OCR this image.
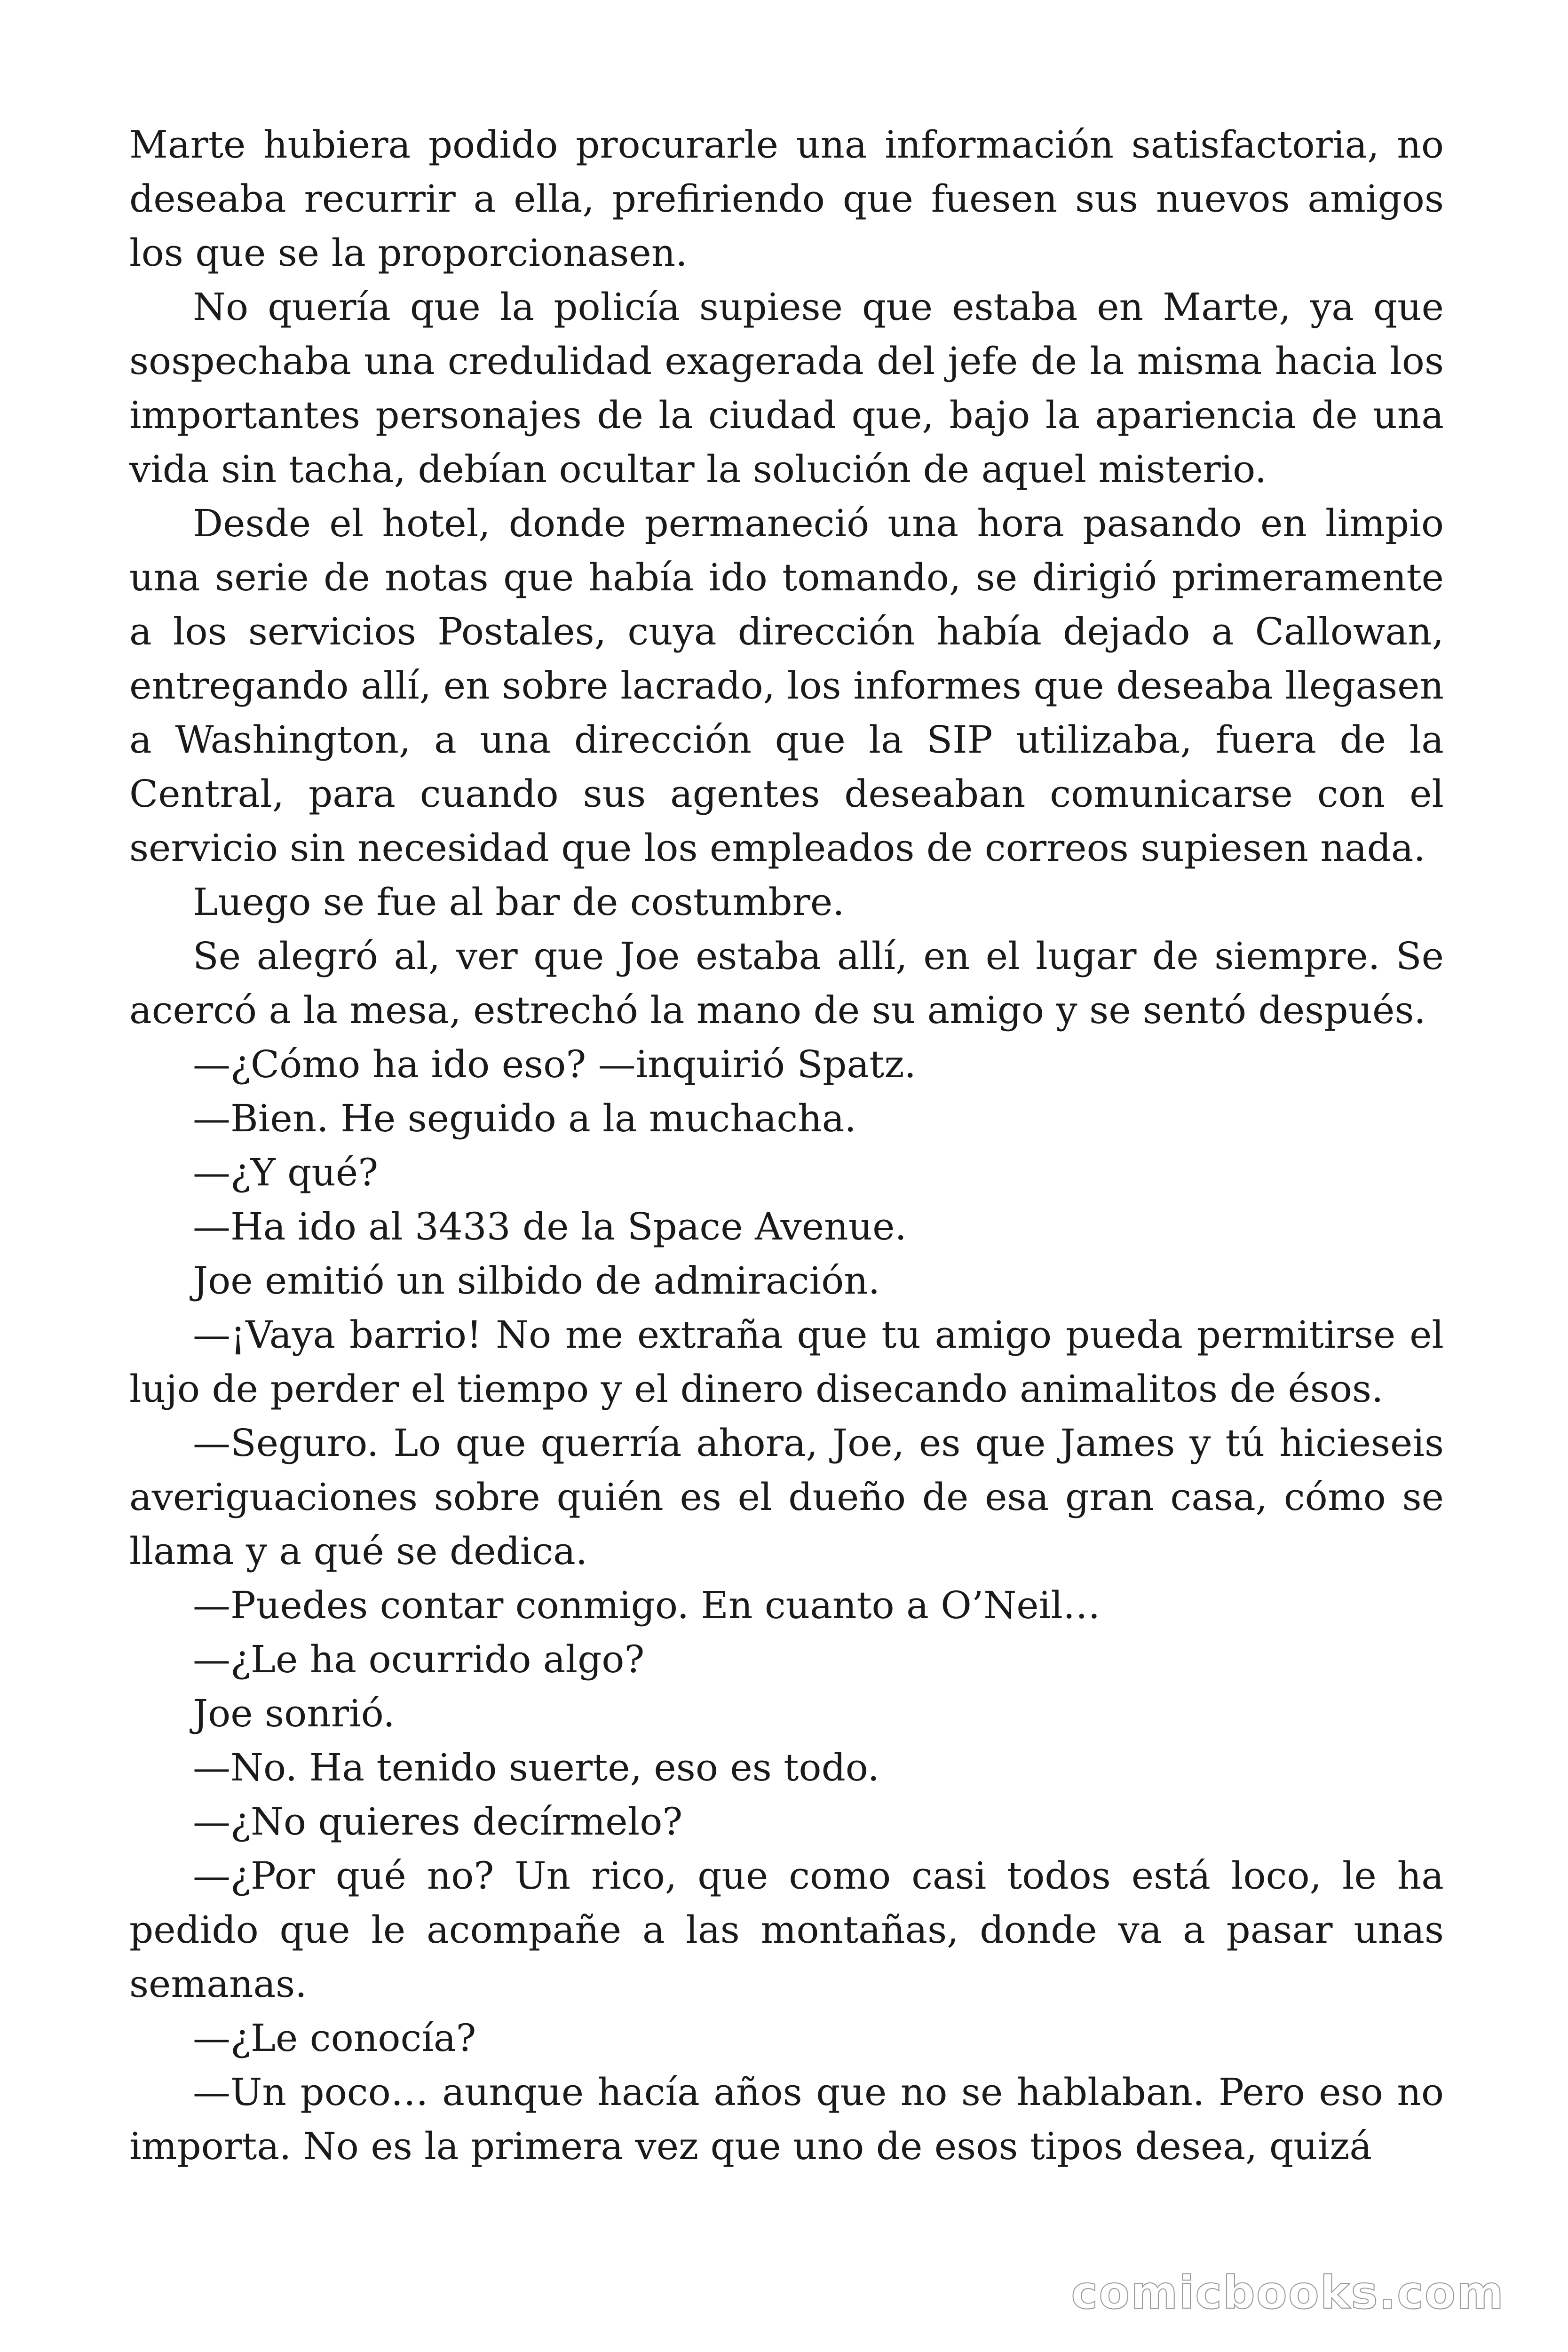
Marte hubiera podido procurarle una información satisfactoria, no deseaba recurrir a ella, prefiriendo que fuesen sus nuevos amigos los que se la proporcionasen.

No quería que la policía supiese que estaba en Marte, ya que sospechaba una credulidad exagerada del jefe de la misma hacia los importantes personajes de la ciudad que, bajo la apariencia de una vida sin tacha, debían ocultar la solución de aquel misterio.

Desde el hotel, donde permaneció una hora pasando en limpio una serie de notas que había ido tomando, se dirigió primeramente a los servicios Postales, cuya dirección había dejado a Callowan, entregando allí, en sobre lacrado, los informes que deseaba llegasen a Washington, a una dirección que la SIP utilizaba, fuera de la Central, para cuando sus agentes deseaban comunicarse con el servicio sin necesidad que los empleados de correos supiesen nada.

Luego se fue al bar de costumbre.

Se alegró al, ver que Joe estaba allí, en el lugar de siempre. Se acercó a la mesa, estrechó la mano de su amigo y se sentó después.

—¿Cómo ha ido eso? —inquirió Spatz.

—Bien. He seguido a la muchacha.

—¿Y qué?

—Ha ido al 3433 de la Space Avenue.

Joe emitió un silbido de admiración.

—¡Vaya barrio! No me extraña que tu amigo pueda permitirse el lujo de perder el tiempo y el dinero disecando animalitos de ésos.

—Seguro. Lo que querría ahora, Joe, es que James y tú hicieseis averiguaciones sobre quién es el dueño de esa gran casa, cómo se llama y a qué se dedica.

—Puedes contar conmigo. En cuanto a O’Neil…

—¿Le ha ocurrido algo?

Joe sonrió.

—No. Ha tenido suerte, eso es todo.

—¿No quieres decírmelo?

—¿Por qué no? Un rico, que como casi todos está loco, le ha pedido que le acompañe a las montañas, donde va a pasar unas semanas.

—¿Le conocía?

—Un poco… aunque hacía años que no se hablaban. Pero eso no importa. No es la primera vez que uno de esos tipos desea, quizá

comicbooks.com
